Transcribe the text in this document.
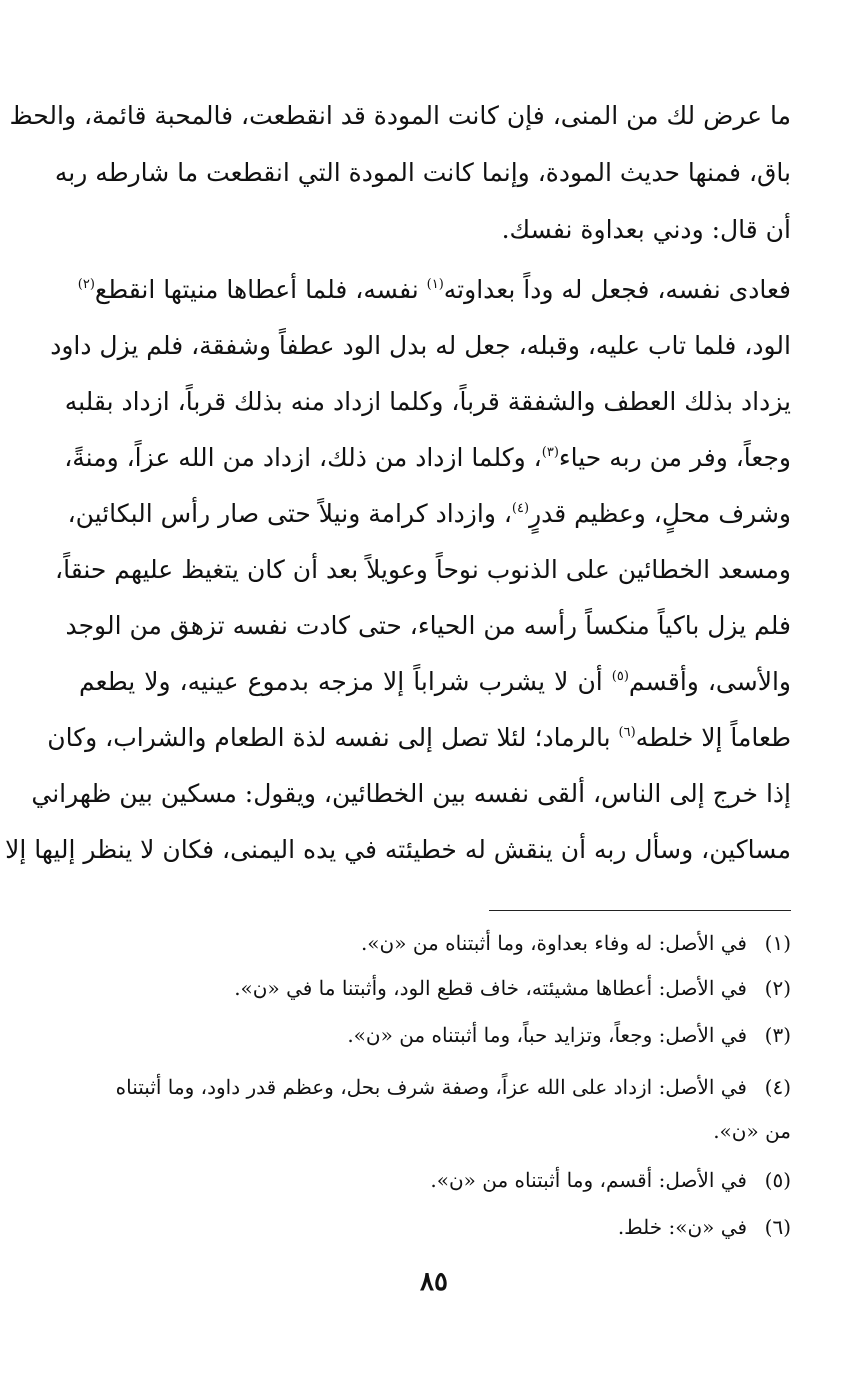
ما عرض لك من المنى، فإن كانت المودة قد انقطعت، فالمحبة قائمة، والحظ
باق، فمنها حديث المودة، وإنما كانت المودة التي انقطعت ما شارطه ربه
أن قال: ودني بعداوة نفسك.
فعادى نفسه، فجعل له وداً بعداوته$^{(١)}$ نفسه، فلما أعطاها منيتها انقطع$^{(٢)}$
الود، فلما تاب عليه، وقبله، جعل له بدل الود عطفاً وشفقة، فلم يزل داود
يزداد بذلك العطف والشفقة قرباً، وكلما ازداد منه بذلك قرباً، ازداد بقلبه
وجعاً، وفر من ربه حياء$^{(٣)}$، وكلما ازداد من ذلك، ازداد من الله عزاً، ومنةً،
وشرف محلٍ، وعظيم قدرٍ$^{(٤)}$، وازداد كرامة ونيلاً حتى صار رأس البكائين،
ومسعد الخطائين على الذنوب نوحاً وعويلاً بعد أن كان يتغيظ عليهم حنقاً،
فلم يزل باكياً منكساً رأسه من الحياء، حتى كادت نفسه تزهق من الوجد
والأسى، وأقسم$^{(٥)}$ أن لا يشرب شراباً إلا مزجه بدموع عينيه، ولا يطعم
طعاماً إلا خلطه$^{(٦)}$ بالرماد؛ لئلا تصل إلى نفسه لذة الطعام والشراب، وكان
إذا خرج إلى الناس، ألقى نفسه بين الخطائين، ويقول: مسكين بين ظهراني
مساكين، وسأل ربه أن ينقش له خطيئته في يده اليمنى، فكان لا ينظر إليها إلا
(١)في الأصل: له وفاء بعداوة، وما أثبتناه من «ن».
(٢)في الأصل: أعطاها مشيئته، خاف قطع الود، وأثبتنا ما في «ن».
(٣)في الأصل: وجعاً، وتزايد حباً، وما أثبتناه من «ن».
(٤)في الأصل: ازداد على الله عزاً، وصفة شرف بحل، وعظم قدر داود، وما أثبتناه
من «ن».
(٥)في الأصل: أقسم، وما أثبتناه من «ن».
(٦)في «ن»: خلط.
٨٥
